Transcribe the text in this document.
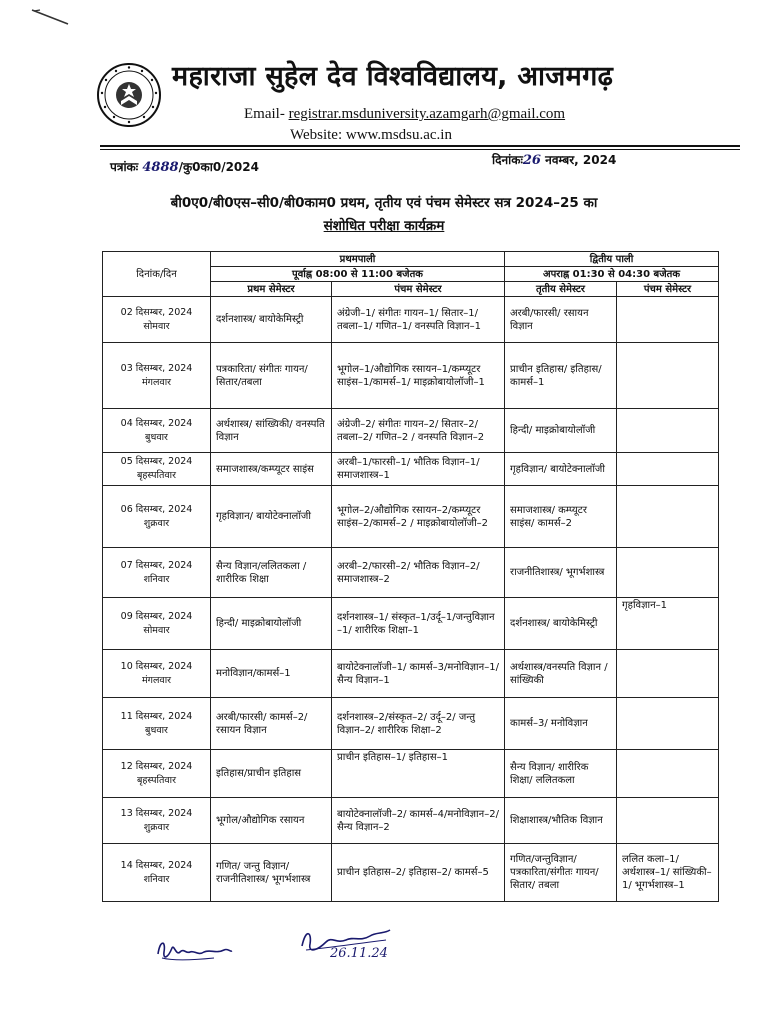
महाराजा सुहेल देव विश्वविद्यालय, आजमगढ़
Email- registrar.msduniversity.azamgarh@gmail.com
Website: www.msdsu.ac.in
पत्रांकः 4888/कु0का0/2024	दिनांकः26 नवम्बर, 2024
बी0ए0/बी0एस–सी0/बी0काम0 प्रथम, तृतीय एवं पंचम सेमेस्टर सत्र 2024–25 का
संशोधित परीक्षा कार्यक्रम
दिनांक/दिन	प्रथमपाली		द्वितीय पाली	
	पूर्वाह्न 08:00 से 11:00 बजेतक		अपराह्न 01:30 से 04:30 बजेतक	
	प्रथम सेमेस्टर	पंचम सेमेस्टर	तृतीय सेमेस्टर	पंचम सेमेस्टर

02 दिसम्बर, 2024
सोमवार	दर्शनशास्त्र/ बायोकेमिस्ट्री	अंग्रेजी–1/ संगीतः गायन–1/ सितार–1/तबला–1/ गणित–1/ वनस्पति विज्ञान–1	अरबी/फारसी/ रसायन विज्ञान	

03 दिसम्बर, 2024
मंगलवार	पत्रकारिता/ संगीतः गायन/सितार/तबला	भूगोल–1/औद्योगिक रसायन–1/कम्प्यूटर साइंस–1/कामर्स–1/ माइक्रोबायोलॉजी–1	प्राचीन इतिहास/ इतिहास/कामर्स–1	

04 दिसम्बर, 2024
बुधवार	अर्थशास्त्र/ सांख्यिकी/ वनस्पति विज्ञान	अंग्रेजी–2/ संगीतः गायन–2/ सितार–2/तबला–2/ गणित–2 / वनस्पति विज्ञान–2	हिन्दी/ माइक्रोबायोलॉजी	

05 दिसम्बर, 2024
बृहस्पतिवार	समाजशास्त्र/कम्प्यूटर साइंस	अरबी–1/फारसी–1/ भौतिक विज्ञान–1/ समाजशास्त्र–1	गृहविज्ञान/ बायोटेक्नालॉजी	

06 दिसम्बर, 2024
शुक्रवार	गृहविज्ञान/ बायोटेक्नालॉजी	भूगोल–2/औद्योगिक रसायन–2/कम्प्यूटर साइंस–2/कामर्स–2 / माइक्रोबायोलॉजी–2	समाजशास्त्र/ कम्प्यूटर साइंस/ कामर्स–2	

07 दिसम्बर, 2024
शनिवार	सैन्य विज्ञान/ललितकला /शारीरिक शिक्षा	अरबी–2/फारसी–2/ भौतिक विज्ञान–2/ समाजशास्त्र–2	राजनीतिशास्त्र/ भूगर्भशास्त्र	

09 दिसम्बर, 2024
सोमवार	हिन्दी/ माइक्रोबायोलॉजी	दर्शनशास्त्र–1/ संस्कृत–1/उर्दू–1/जन्तुविज्ञान –1/ शारीरिक शिक्षा–1	दर्शनशास्त्र/ बायोकेमिस्ट्री	गृहविज्ञान–1

10 दिसम्बर, 2024
मंगलवार	मनोविज्ञान/कामर्स–1	बायोटेक्नालॉजी–1/ कामर्स–3/मनोविज्ञान–1/सैन्य विज्ञान–1	अर्थशास्त्र/वनस्पति विज्ञान /सांख्यिकी	

11 दिसम्बर, 2024
बुधवार	अरबी/फारसी/ कामर्स–2/रसायन विज्ञान	दर्शनशास्त्र–2/संस्कृत–2/ उर्दू–2/ जन्तु विज्ञान–2/ शारीरिक शिक्षा–2	कामर्स–3/ मनोविज्ञान	

12 दिसम्बर, 2024
बृहस्पतिवार	इतिहास/प्राचीन इतिहास	प्राचीन इतिहास–1/ इतिहास–1	सैन्य विज्ञान/ शारीरिक शिक्षा/ ललितकला	

13 दिसम्बर, 2024
शुक्रवार	भूगोल/औद्योगिक रसायन	बायोटेक्नालॉजी–2/ कामर्स–4/मनोविज्ञान–2/सैन्य विज्ञान–2	शिक्षाशास्त्र/भौतिक विज्ञान	

14 दिसम्बर, 2024
शनिवार	गणित/ जन्तु विज्ञान/ राजनीतिशास्त्र/ भूगर्भशास्त्र	प्राचीन इतिहास–2/ इतिहास–2/ कामर्स–5	गणित/जन्तुविज्ञान/ पत्रकारिता/संगीतः गायन/सितार/ तबला	ललित कला–1/ अर्थशास्त्र–1/ सांख्यिकी–1/ भूगर्भशास्त्र–1
26.11.24
